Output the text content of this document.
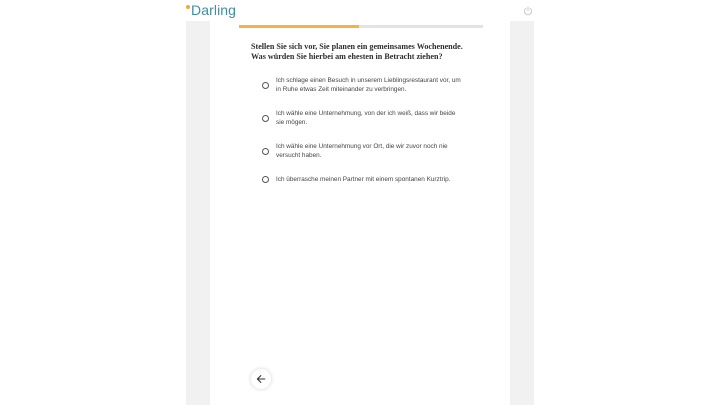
Darling

Stellen Sie sich vor, Sie planen ein gemeinsames Wochenende. Was würden Sie hierbei am ehesten in Betracht ziehen?

Ich schlage einen Besuch in unserem Lieblingsrestaurant vor, um in Ruhe etwas Zeit miteinander zu verbringen.
Ich wähle eine Unternehmung, von der ich weiß, dass wir beide sie mögen.
Ich wähle eine Unternehmung vor Ort, die wir zuvor noch nie versucht haben.
Ich überrasche meinen Partner mit einem spontanen Kurztrip.
